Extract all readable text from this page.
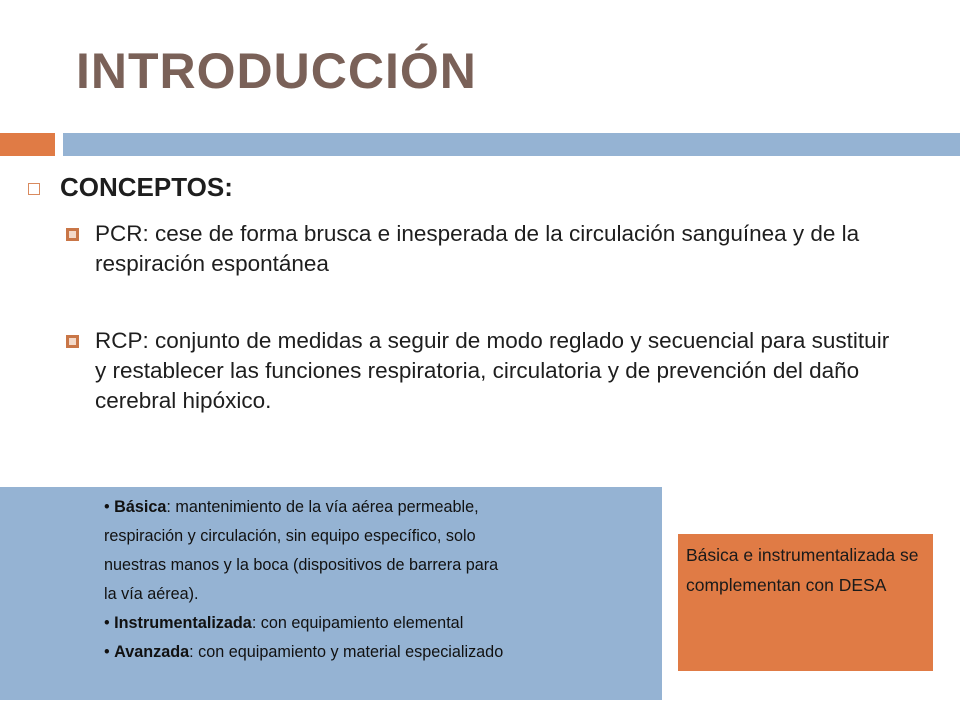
INTRODUCCIÓN
CONCEPTOS:
PCR: cese de forma brusca e inesperada de la circulación sanguínea y de la respiración espontánea
RCP: conjunto de medidas a seguir de modo reglado y secuencial para sustituir y restablecer las funciones respiratoria, circulatoria y de prevención del daño cerebral hipóxico.
• Básica: mantenimiento de la vía aérea permeable,
respiración y circulación, sin equipo específico, solo
nuestras manos y la boca (dispositivos de barrera para
la vía aérea).
• Instrumentalizada: con equipamiento elemental
• Avanzada: con equipamiento y material especializado
Básica e instrumentalizada se complementan con DESA
